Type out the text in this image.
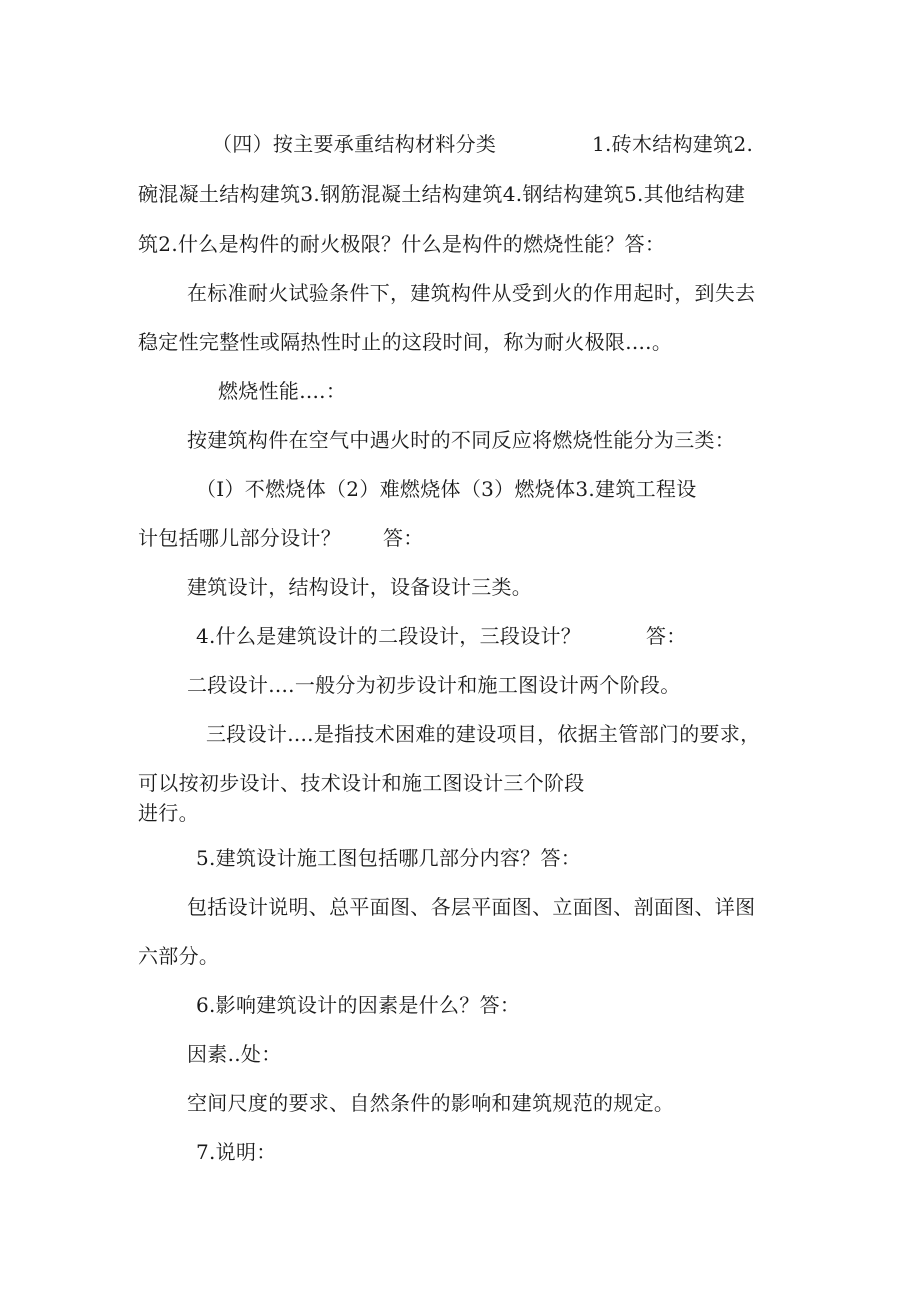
（四）按主要承重结构材料分类	1.砖木结构建筑2.
碗混凝土结构建筑3.钢筋混凝土结构建筑4.钢结构建筑5.其他结构建
筑2.什么是构件的耐火极限？什么是构件的燃烧性能？答：
在标准耐火试验条件下，建筑构件从受到火的作用起时，到失去
稳定性完整性或隔热性时止的这段时间，称为耐火极限....。
燃烧性能....：
按建筑构件在空气中遇火时的不同反应将燃烧性能分为三类：
（I）不燃烧体（2）难燃烧体（3）燃烧体3.建筑工程设
计包括哪儿部分设计？ 答：
建筑设计，结构设计，设备设计三类。
4.什么是建筑设计的二段设计，三段设计？	答：
二段设计....一般分为初步设计和施工图设计两个阶段。
三段设计....是指技术困难的建设项目，依据主管部门的要求，
可以按初步设计、技术设计和施工图设计三个阶段
进行。
5.建筑设计施工图包括哪几部分内容？答：
包括设计说明、总平面图、各层平面图、立面图、剖面图、详图
六部分。
6.影响建筑设计的因素是什么？答：
因素..处：
空间尺度的要求、自然条件的影响和建筑规范的规定。
7.说明：
